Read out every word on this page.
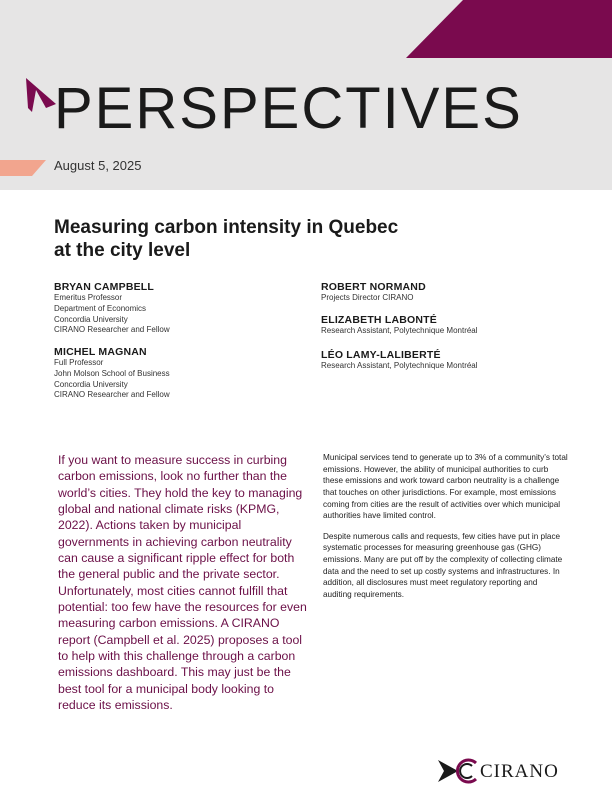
PERSPECTIVES
August 5, 2025
Measuring carbon intensity in Quebec
at the city level
BRYAN CAMPBELL
Emeritus Professor
Department of Economics
Concordia University
CIRANO Researcher and Fellow
MICHEL MAGNAN
Full Professor
John Molson School of Business
Concordia University
CIRANO Researcher and Fellow
ROBERT NORMAND
Projects Director CIRANO
ELIZABETH LABONTÉ
Research Assistant, Polytechnique Montréal
LÉO LAMY-LALIBERTÉ
Research Assistant, Polytechnique Montréal
If you want to measure success in curbing carbon emissions, look no further than the world’s cities. They hold the key to managing global and national climate risks (KPMG, 2022). Actions taken by municipal governments in achieving carbon neutrality can cause a significant ripple effect for both the general public and the private sector. Unfortunately, most cities cannot fulfill that potential: too few have the resources for even measuring carbon emissions. A CIRANO report (Campbell et al. 2025) proposes a tool to help with this challenge through a carbon emissions dashboard. This may just be the best tool for a municipal body looking to reduce its emissions.

Municipal services tend to generate up to 3% of a community’s total emissions. However, the ability of municipal authorities to curb these emissions and work toward carbon neutrality is a challenge that touches on other jurisdictions. For example, most emissions coming from cities are the result of activities over which municipal authorities have limited control.

Despite numerous calls and requests, few cities have put in place systematic processes for measuring greenhouse gas (GHG) emissions. Many are put off by the complexity of collecting climate data and the need to set up costly systems and infrastructures. In addition, all disclosures must meet regulatory reporting and auditing requirements.

CIRANO
